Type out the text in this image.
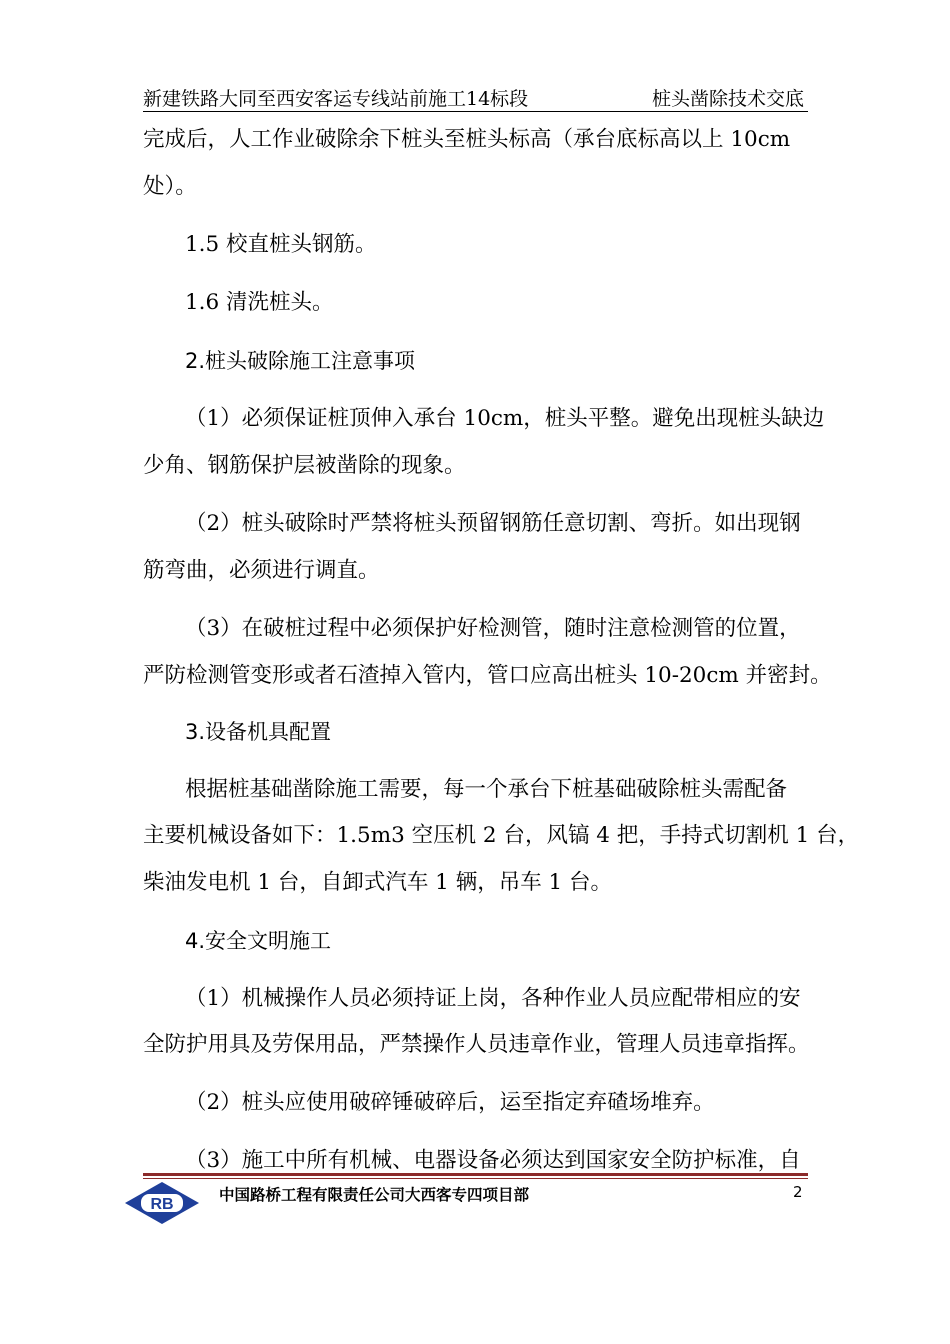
新建铁路大同至西安客运专线站前施工14标段	桩头凿除技术交底
完成后，人工作业破除余下桩头至桩头标高（承台底标高以上 10cm
处）。
1.5 校直桩头钢筋。
1.6 清洗桩头。
2.桩头破除施工注意事项
（1）必须保证桩顶伸入承台 10cm，桩头平整。避免出现桩头缺边
少角、钢筋保护层被凿除的现象。
（2）桩头破除时严禁将桩头预留钢筋任意切割、弯折。如出现钢
筋弯曲，必须进行调直。
（3）在破桩过程中必须保护好检测管，随时注意检测管的位置，
严防检测管变形或者石渣掉入管内，管口应高出桩头 10-20cm 并密封。
3.设备机具配置
根据桩基础凿除施工需要，每一个承台下桩基础破除桩头需配备
主要机械设备如下：1.5m3 空压机 2 台，风镐 4 把，手持式切割机 1 台，
柴油发电机 1 台，自卸式汽车 1 辆，吊车 1 台。
4.安全文明施工
（1）机械操作人员必须持证上岗，各种作业人员应配带相应的安
全防护用具及劳保用品，严禁操作人员违章作业，管理人员违章指挥。
（2）桩头应使用破碎锤破碎后，运至指定弃碴场堆弃。
（3）施工中所有机械、电器设备必须达到国家安全防护标准，自
RB
中国路桥工程有限责任公司大西客专四项目部	2
